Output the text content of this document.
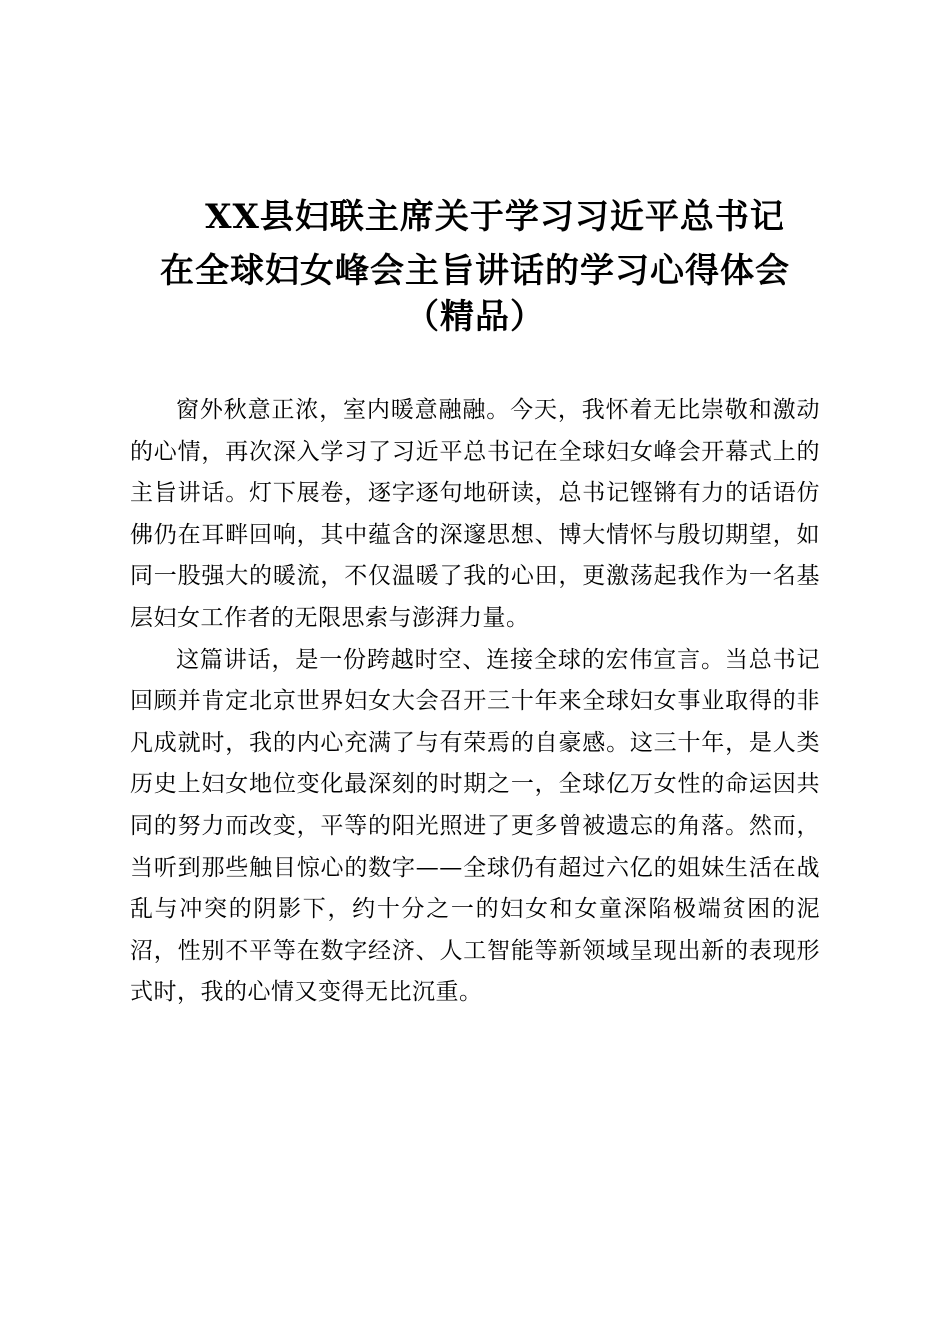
XX县妇联主席关于学习习近平总书记
在全球妇女峰会主旨讲话的学习心得体会
（精品）

窗外秋意正浓，室内暖意融融。今天，我怀着无比崇敬和激动的心情，再次深入学习了习近平总书记在全球妇女峰会开幕式上的主旨讲话。灯下展卷，逐字逐句地研读，总书记铿锵有力的话语仿佛仍在耳畔回响，其中蕴含的深邃思想、博大情怀与殷切期望，如同一股强大的暖流，不仅温暖了我的心田，更激荡起我作为一名基层妇女工作者的无限思索与澎湃力量。

这篇讲话，是一份跨越时空、连接全球的宏伟宣言。当总书记回顾并肯定北京世界妇女大会召开三十年来全球妇女事业取得的非凡成就时，我的内心充满了与有荣焉的自豪感。这三十年，是人类历史上妇女地位变化最深刻的时期之一，全球亿万女性的命运因共同的努力而改变，平等的阳光照进了更多曾被遗忘的角落。然而，当听到那些触目惊心的数字——全球仍有超过六亿的姐妹生活在战乱与冲突的阴影下，约十分之一的妇女和女童深陷极端贫困的泥沼，性别不平等在数字经济、人工智能等新领域呈现出新的表现形式时，我的心情又变得无比沉重。
